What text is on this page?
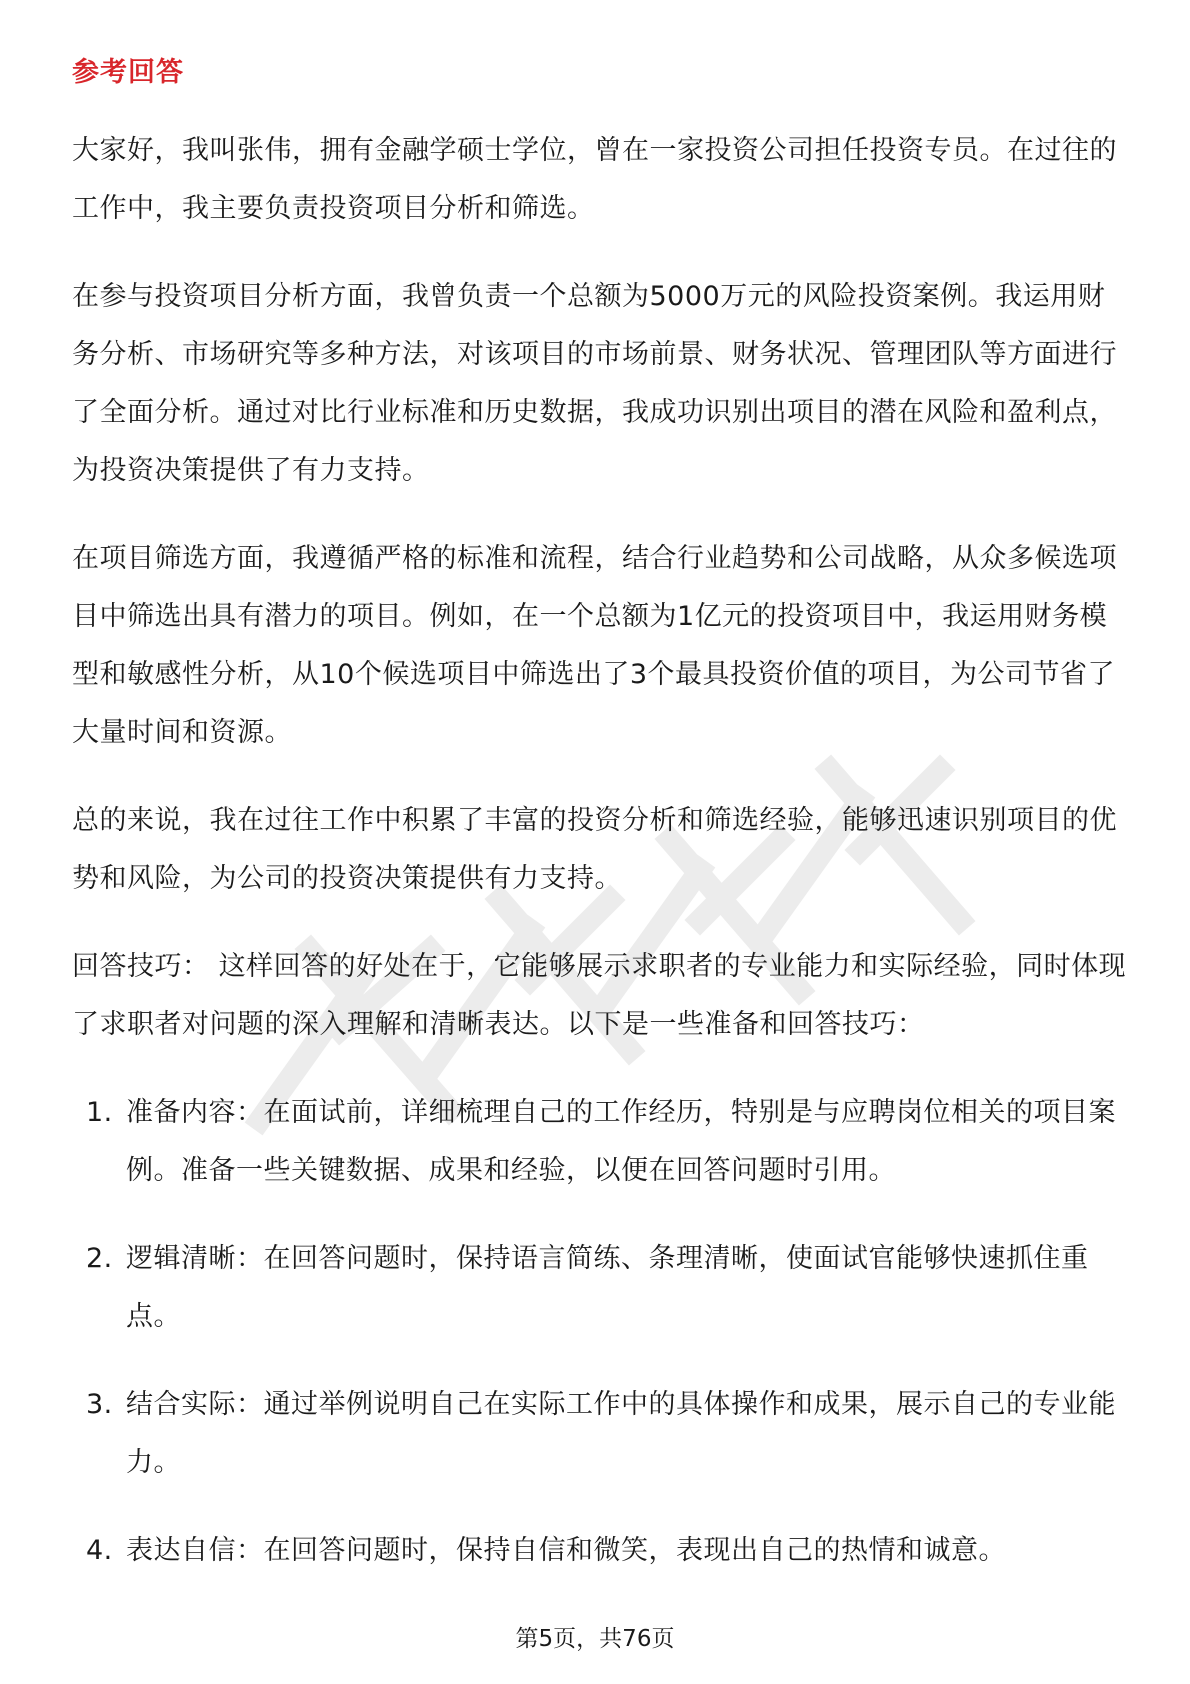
参考回答

大家好，我叫张伟，拥有金融学硕士学位，曾在一家投资公司担任投资专员。在过往的工作中，我主要负责投资项目分析和筛选。

在参与投资项目分析方面，我曾负责一个总额为5000万元的风险投资案例。我运用财务分析、市场研究等多种方法，对该项目的市场前景、财务状况、管理团队等方面进行了全面分析。通过对比行业标准和历史数据，我成功识别出项目的潜在风险和盈利点，为投资决策提供了有力支持。

在项目筛选方面，我遵循严格的标准和流程，结合行业趋势和公司战略，从众多候选项目中筛选出具有潜力的项目。例如，在一个总额为1亿元的投资项目中，我运用财务模型和敏感性分析，从10个候选项目中筛选出了3个最具投资价值的项目，为公司节省了大量时间和资源。

总的来说，我在过往工作中积累了丰富的投资分析和筛选经验，能够迅速识别项目的优势和风险，为公司的投资决策提供有力支持。

回答技巧： 这样回答的好处在于，它能够展示求职者的专业能力和实际经验，同时体现了求职者对问题的深入理解和清晰表达。以下是一些准备和回答技巧：

1. 准备内容：在面试前，详细梳理自己的工作经历，特别是与应聘岗位相关的项目案例。准备一些关键数据、成果和经验，以便在回答问题时引用。
2. 逻辑清晰：在回答问题时，保持语言简练、条理清晰，使面试官能够快速抓住重点。
3. 结合实际：通过举例说明自己在实际工作中的具体操作和成果，展示自己的专业能力。
4. 表达自信：在回答问题时，保持自信和微笑，表现出自己的热情和诚意。
第5页，共76页
